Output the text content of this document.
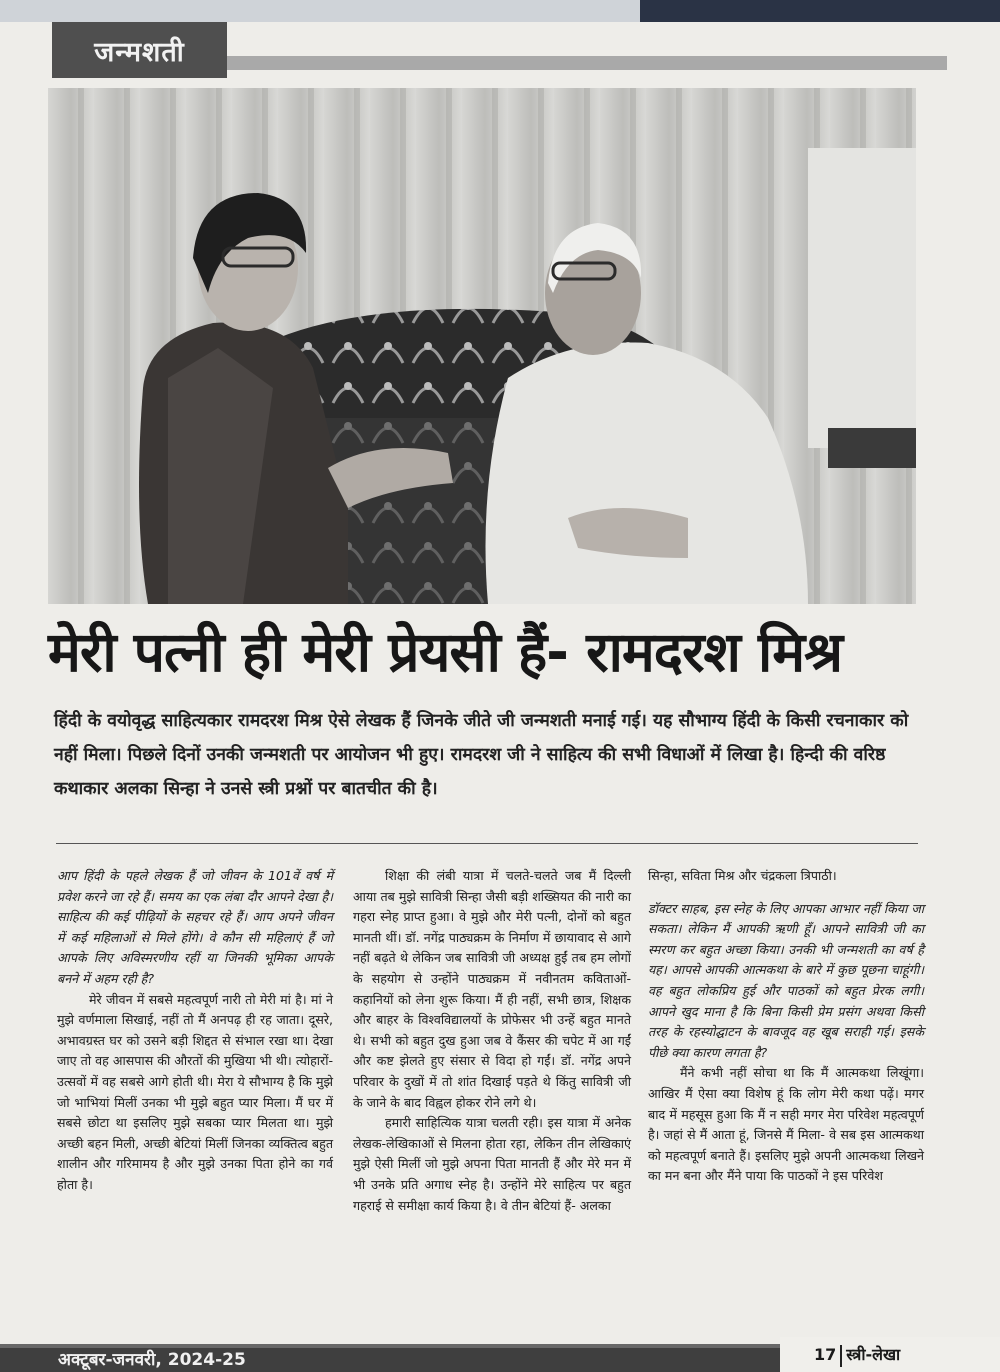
जन्मशती
मेरी पत्नी ही मेरी प्रेयसी हैं- रामदरश मिश्र
हिंदी के वयोवृद्ध साहित्यकार रामदरश मिश्र ऐसे लेखक हैं जिनके जीते जी जन्मशती मनाई गई। यह सौभाग्य हिंदी के किसी रचनाकार को नहीं मिला। पिछले दिनों उनकी जन्मशती पर आयोजन भी हुए। रामदरश जी ने साहित्य की सभी विधाओं में लिखा है। हिन्दी की वरिष्ठ कथाकार अलका सिन्हा ने उनसे स्त्री प्रश्नों पर बातचीत की है।

आप हिंदी के पहले लेखक हैं जो जीवन के 101वें वर्ष में प्रवेश करने जा रहे हैं। समय का एक लंबा दौर आपने देखा है। साहित्य की कई पीढ़ियों के सहचर रहे हैं। आप अपने जीवन में कई महिलाओं से मिले होंगे। वे कौन सी महिलाएं हैं जो आपके लिए अविस्मरणीय रहीं या जिनकी भूमिका आपके बनने में अहम रही है?

मेरे जीवन में सबसे महत्वपूर्ण नारी तो मेरी मां है। मां ने मुझे वर्णमाला सिखाई, नहीं तो मैं अनपढ़ ही रह जाता। दूसरे, अभावग्रस्त घर को उसने बड़ी शिद्दत से संभाल रखा था। देखा जाए तो वह आसपास की औरतों की मुखिया भी थी। त्योहारों-उत्सवों में वह सबसे आगे होती थी। मेरा ये सौभाग्य है कि मुझे जो भाभियां मिलीं उनका भी मुझे बहुत प्यार मिला। मैं घर में सबसे छोटा था इसलिए मुझे सबका प्यार मिलता था। मुझे अच्छी बहन मिली, अच्छी बेटियां मिलीं जिनका व्यक्तित्व बहुत शालीन और गरिमामय है और मुझे उनका पिता होने का गर्व होता है।

शिक्षा की लंबी यात्रा में चलते-चलते जब मैं दिल्ली आया तब मुझे सावित्री सिन्हा जैसी बड़ी शख्सियत की नारी का गहरा स्नेह प्राप्त हुआ। वे मुझे और मेरी पत्नी, दोनों को बहुत मानती थीं। डॉ. नगेंद्र पाठ्यक्रम के निर्माण में छायावाद से आगे नहीं बढ़ते थे लेकिन जब सावित्री जी अध्यक्ष हुईं तब हम लोगों के सहयोग से उन्होंने पाठ्यक्रम में नवीनतम कविताओं-कहानियों को लेना शुरू किया। मैं ही नहीं, सभी छात्र, शिक्षक और बाहर के विश्वविद्यालयों के प्रोफेसर भी उन्हें बहुत मानते थे। सभी को बहुत दुख हुआ जब वे कैंसर की चपेट में आ गईं और कष्ट झेलते हुए संसार से विदा हो गईं। डॉ. नगेंद्र अपने परिवार के दुखों में तो शांत दिखाई पड़ते थे किंतु सावित्री जी के जाने के बाद विह्वल होकर रोने लगे थे।

हमारी साहित्यिक यात्रा चलती रही। इस यात्रा में अनेक लेखक-लेखिकाओं से मिलना होता रहा, लेकिन तीन लेखिकाएं मुझे ऐसी मिलीं जो मुझे अपना पिता मानती हैं और मेरे मन में भी उनके प्रति अगाध स्नेह है। उन्होंने मेरे साहित्य पर बहुत गहराई से समीक्षा कार्य किया है। वे तीन बेटियां हैं- अलका

सिन्हा, सविता मिश्र और चंद्रकला त्रिपाठी।

डॉक्टर साहब, इस स्नेह के लिए आपका आभार नहीं किया जा सकता। लेकिन मैं आपकी ऋणी हूँ। आपने सावित्री जी का स्मरण कर बहुत अच्छा किया। उनकी भी जन्मशती का वर्ष है यह। आपसे आपकी आत्मकथा के बारे में कुछ पूछना चाहूंगी। वह बहुत लोकप्रिय हुई और पाठकों को बहुत प्रेरक लगी। आपने खुद माना है कि बिना किसी प्रेम प्रसंग अथवा किसी तरह के रहस्योद्घाटन के बावजूद वह खूब सराही गई। इसके पीछे क्या कारण लगता है?

मैंने कभी नहीं सोचा था कि मैं आत्मकथा लिखूंगा। आखिर मैं ऐसा क्या विशेष हूं कि लोग मेरी कथा पढ़ें। मगर बाद में महसूस हुआ कि मैं न सही मगर मेरा परिवेश महत्वपूर्ण है। जहां से मैं आता हूं, जिनसे मैं मिला- वे सब इस आत्मकथा को महत्वपूर्ण बनाते हैं। इसलिए मुझे अपनी आत्मकथा लिखने का मन बना और मैंने पाया कि पाठकों ने इस परिवेश

अक्टूबर-जनवरी, 2024-25	17 स्त्री-लेखा
